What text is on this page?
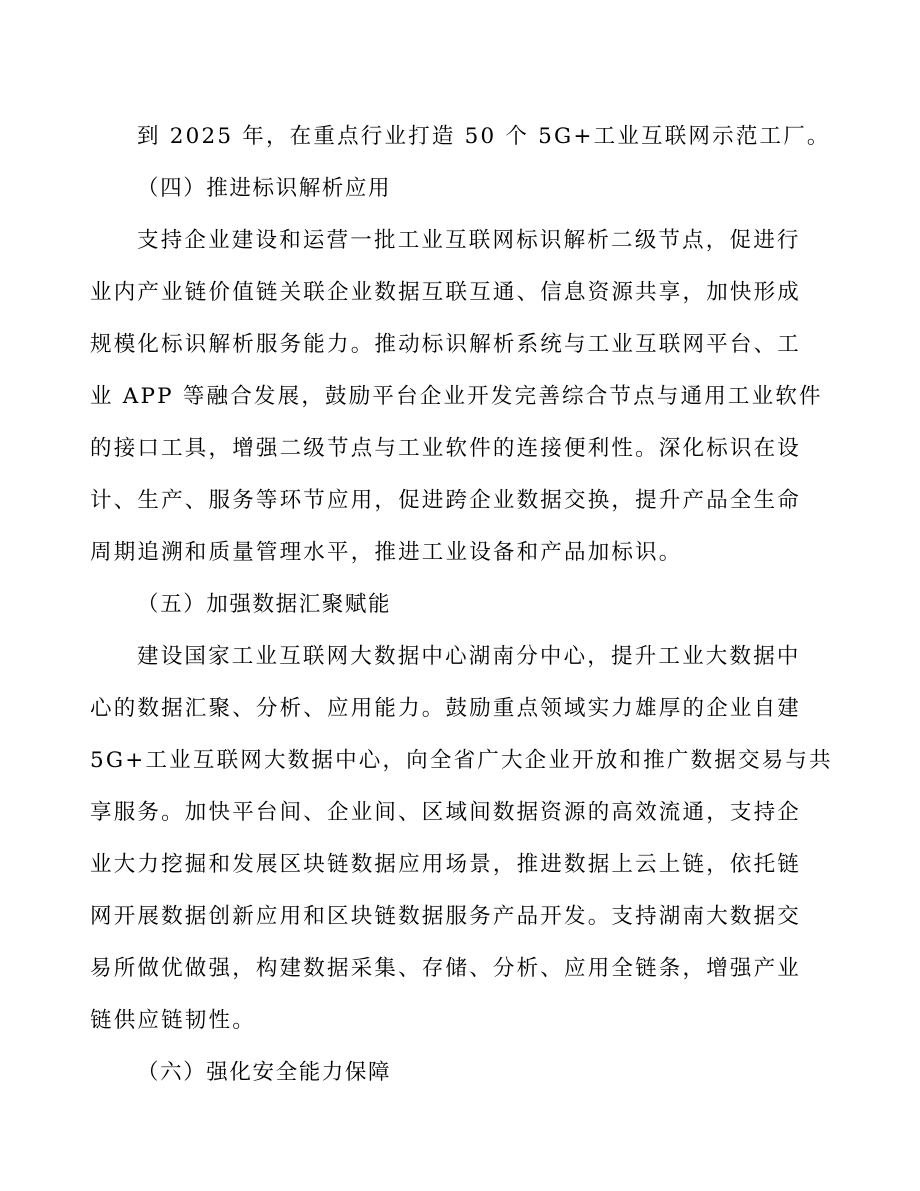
到 2025 年，在重点行业打造 50 个 5G+工业互联网示范工厂。
（四）推进标识解析应用
支持企业建设和运营一批工业互联网标识解析二级节点，促进行
业内产业链价值链关联企业数据互联互通、信息资源共享，加快形成
规模化标识解析服务能力。推动标识解析系统与工业互联网平台、工
业 APP 等融合发展，鼓励平台企业开发完善综合节点与通用工业软件
的接口工具，增强二级节点与工业软件的连接便利性。深化标识在设
计、生产、服务等环节应用，促进跨企业数据交换，提升产品全生命
周期追溯和质量管理水平，推进工业设备和产品加标识。
（五）加强数据汇聚赋能
建设国家工业互联网大数据中心湖南分中心，提升工业大数据中
心的数据汇聚、分析、应用能力。鼓励重点领域实力雄厚的企业自建
5G+工业互联网大数据中心，向全省广大企业开放和推广数据交易与共
享服务。加快平台间、企业间、区域间数据资源的高效流通，支持企
业大力挖掘和发展区块链数据应用场景，推进数据上云上链，依托链
网开展数据创新应用和区块链数据服务产品开发。支持湖南大数据交
易所做优做强，构建数据采集、存储、分析、应用全链条，增强产业
链供应链韧性。
（六）强化安全能力保障
